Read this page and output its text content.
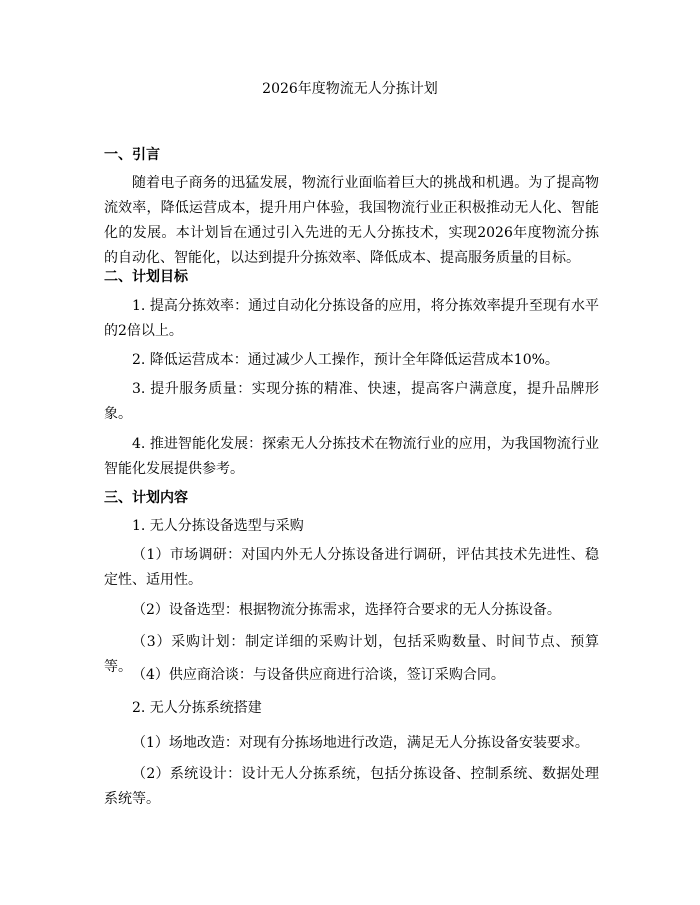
2026年度物流无人分拣计划
一、引言

随着电子商务的迅猛发展，物流行业面临着巨大的挑战和机遇。为了提高物流效率，降低运营成本，提升用户体验，我国物流行业正积极推动无人化、智能化的发展。本计划旨在通过引入先进的无人分拣技术，实现2026年度物流分拣的自动化、智能化，以达到提升分拣效率、降低成本、提高服务质量的目标。

二、计划目标

1. 提高分拣效率：通过自动化分拣设备的应用，将分拣效率提升至现有水平的2倍以上。

2. 降低运营成本：通过减少人工操作，预计全年降低运营成本10%。

3. 提升服务质量：实现分拣的精准、快速，提高客户满意度，提升品牌形象。

4. 推进智能化发展：探索无人分拣技术在物流行业的应用，为我国物流行业智能化发展提供参考。

三、计划内容

1. 无人分拣设备选型与采购

（1）市场调研：对国内外无人分拣设备进行调研，评估其技术先进性、稳定性、适用性。

（2）设备选型：根据物流分拣需求，选择符合要求的无人分拣设备。

（3）采购计划：制定详细的采购计划，包括采购数量、时间节点、预算等。 （4）供应商洽谈：与设备供应商进行洽谈，签订采购合同。

2. 无人分拣系统搭建

（1）场地改造：对现有分拣场地进行改造，满足无人分拣设备安装要求。

（2）系统设计：设计无人分拣系统，包括分拣设备、控制系统、数据处理系统等。
